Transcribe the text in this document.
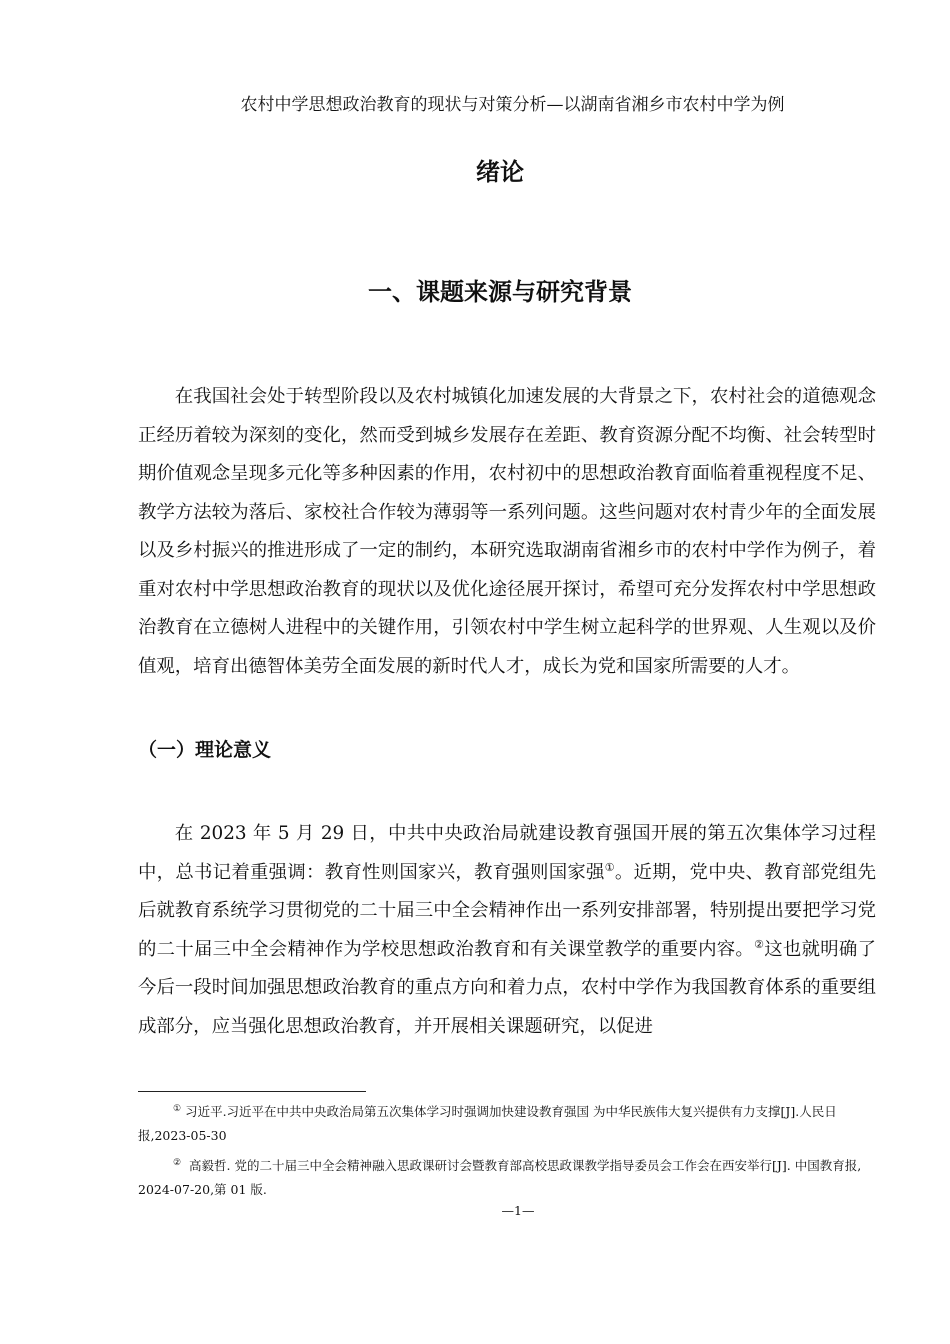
农村中学思想政治教育的现状与对策分析—以湖南省湘乡市农村中学为例
绪论
一、课题来源与研究背景

在我国社会处于转型阶段以及农村城镇化加速发展的大背景之下，农村社会的道德观念正经历着较为深刻的变化，然而受到城乡发展存在差距、教育资源分配不均衡、社会转型时期价值观念呈现多元化等多种因素的作用，农村初中的思想政治教育面临着重视程度不足、教学方法较为落后、家校社合作较为薄弱等一系列问题。这些问题对农村青少年的全面发展以及乡村振兴的推进形成了一定的制约，本研究选取湖南省湘乡市的农村中学作为例子，着重对农村中学思想政治教育的现状以及优化途径展开探讨，希望可充分发挥农村中学思想政治教育在立德树人进程中的关键作用，引领农村中学生树立起科学的世界观、人生观以及价值观，培育出德智体美劳全面发展的新时代人才，成长为党和国家所需要的人才。

（一）理论意义

在 2023 年 5 月 29 日，中共中央政治局就建设教育强国开展的第五次集体学习过程中，总书记着重强调：教育性则国家兴，教育强则国家强①。近期，党中央、教育部党组先后就教育系统学习贯彻党的二十届三中全会精神作出一系列安排部署，特别提出要把学习党的二十届三中全会精神作为学校思想政治教育和有关课堂教学的重要内容。②这也就明确了今后一段时间加强思想政治教育的重点方向和着力点，农村中学作为我国教育体系的重要组成部分，应当强化思想政治教育，并开展相关课题研究，以促进

① 习近平.习近平在中共中央政治局第五次集体学习时强调加快建设教育强国 为中华民族伟大复兴提供有力支撑[J].人民日报,2023-05-30

② 高毅哲. 党的二十届三中全会精神融入思政课研讨会暨教育部高校思政课教学指导委员会工作会在西安举行[J]. 中国教育报, 2024-07-20,第 01 版.

—1—
